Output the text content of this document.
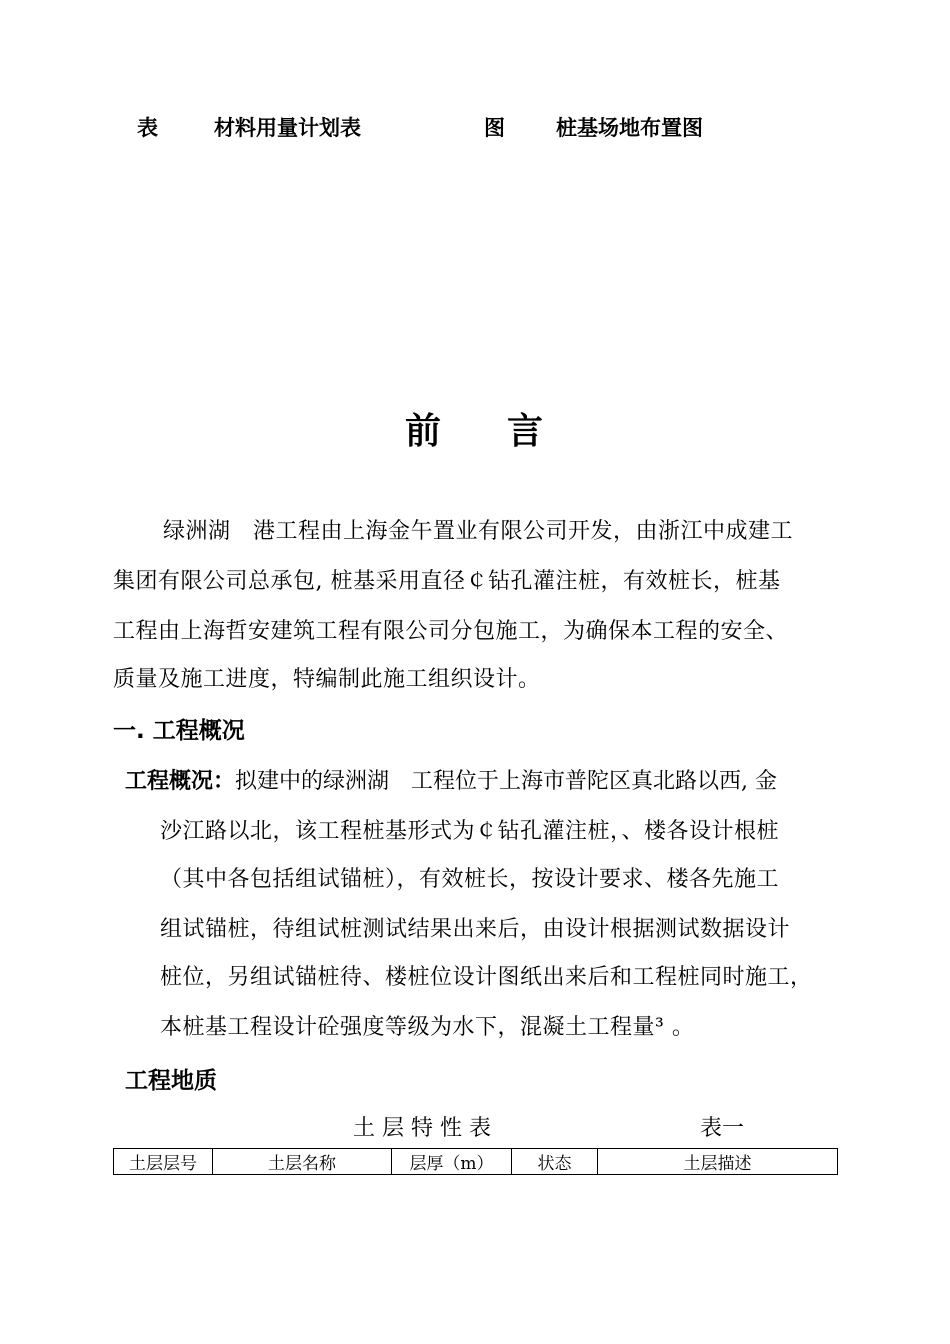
表	材料用量计划表	图 桩基场地布置图
前 言
绿洲湖　港工程由上海金午置业有限公司开发，由浙江中成建工
集团有限公司总承包, 桩基采用直径￠钻孔灌注桩，有效桩长，桩基
工程由上海哲安建筑工程有限公司分包施工，为确保本工程的安全、
质量及施工进度，特编制此施工组织设计。
一. 工程概况
工程概况：拟建中的绿洲湖　工程位于上海市普陀区真北路以西, 金
沙江路以北，该工程桩基形式为￠钻孔灌注桩，、楼各设计根桩
（其中各包括组试锚桩），有效桩长，按设计要求、楼各先施工
组试锚桩，待组试桩测试结果出来后，由设计根据测试数据设计
桩位，另组试锚桩待、楼桩位设计图纸出来后和工程桩同时施工，
本桩基工程设计砼强度等级为水下，混凝土工程量³ 。
工程地质
土 层 特 性 表	表一
土层层号	土层名称	层厚（m）	状态	土层描述
